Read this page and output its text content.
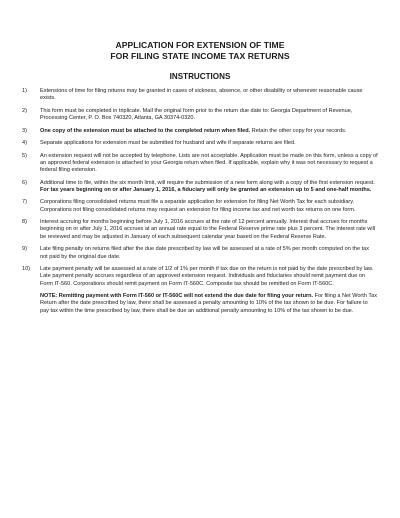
APPLICATION FOR EXTENSION OF TIME
FOR FILING STATE INCOME TAX RETURNS
INSTRUCTIONS
1)	Extensions of time for filing returns may be granted in cases of sickness, absence, or other disability or whenever reasonable cause exists.
2)	This form must be completed in triplicate. Mail the original form prior to the return due date to: Georgia Department of Revenue, Processing Center, P. O. Box 740320, Atlanta, GA 30374-0320.
3)	One copy of the extension must be attached to the completed return when filed. Retain the other copy for your records.
4)	Separate applications for extension must be submitted for husband and wife if separate returns are filed.
5)	An extension request will not be accepted by telephone. Lists are not acceptable. Application must be made on this form, unless a copy of an approved federal extension is attached to your Georgia return when filed. If applicable, explain why it was not necessary to request a federal filing extension.
6)	Additional time to file, within the six month limit, will require the submission of a new form along with a copy of the first extension request. For tax years beginning on or after January 1, 2016, a fiduciary will only be granted an extension up to 5 and one-half months.
7)	Corporations filing consolidated returns must file a separate application for extension for filing Net Worth Tax for each subsidiary. Corporations not filing consolidated returns may request an extension for filing income tax and net worth tax returns on one form.
8)	Interest accruing for months beginning before July 1, 2016 accrues at the rate of 12 percent annually. Interest that accrues for months beginning on or after July 1, 2016 accrues at an annual rate equal to the Federal Reserve prime rate plus 3 percent. The interest rate will be reviewed and may be adjusted in January of each subsequent calendar year based on the Federal Reserve Rate.
9)	Late filing penalty on returns filed after the due date prescribed by law will be assessed at a rate of 5% per month computed on the tax not paid by the original due date.
10)	Late payment penalty will be assessed at a rate of 1/2 of 1% per month if tax due on the return is not paid by the date prescribed by law. Late payment penalty accrues regardless of an approved extension request. Individuals and fiduciaries should remit payment due on Form IT-560. Corporations should remit payment on Form IT-560C. Composite tax should be remitted on Form IT-560C.
NOTE: Remitting payment with Form IT-560 or IT-560C will not extend the due date for filing your return. For filing a Net Worth Tax Return after the date prescribed by law, there shall be assessed a penalty amounting to 10% of the tax shown to be due. For failure to pay tax within the time prescribed by law, there shall be due an additional penalty amounting to 10% of the tax shown to be due.
